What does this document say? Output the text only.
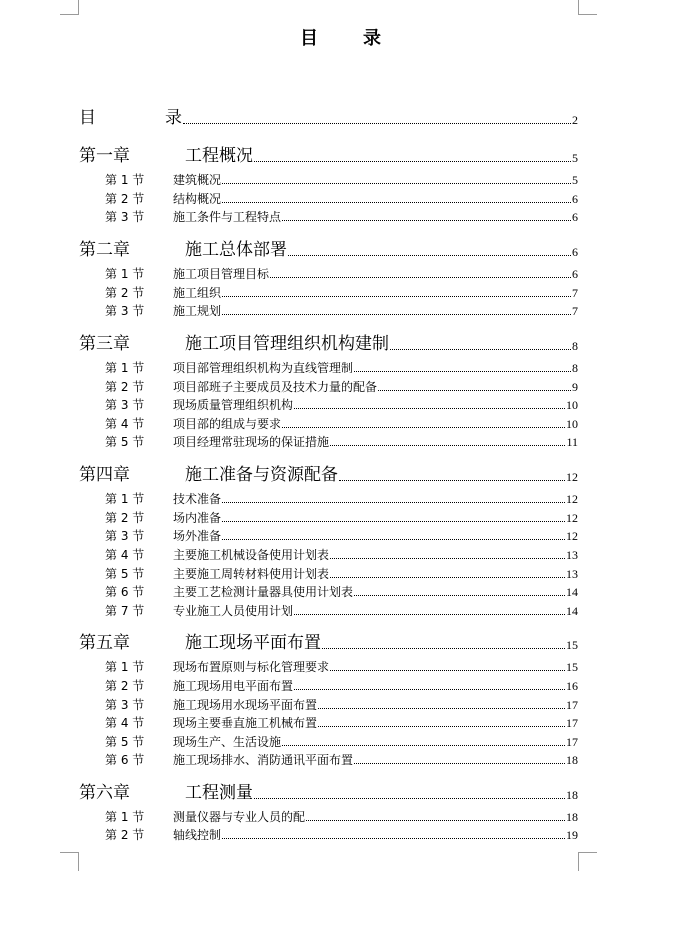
目 录
目	录	2
第一章	工程概况	5
第 1 节	建筑概况	5
第 2 节	结构概况	6
第 3 节	施工条件与工程特点	6
第二章	施工总体部署	6
第 1 节	施工项目管理目标	6
第 2 节	施工组织	7
第 3 节	施工规划	7
第三章	施工项目管理组织机构建制	8
第 1 节	项目部管理组织机构为直线管理制	8
第 2 节	项目部班子主要成员及技术力量的配备	9
第 3 节	现场质量管理组织机构	10
第 4 节	项目部的组成与要求	10
第 5 节	项目经理常驻现场的保证措施	11
第四章	施工准备与资源配备	12
第 1 节	技术准备	12
第 2 节	场内准备	12
第 3 节	场外准备	12
第 4 节	主要施工机械设备使用计划表	13
第 5 节	主要施工周转材料使用计划表	13
第 6 节	主要工艺检测计量器具使用计划表	14
第 7 节	专业施工人员使用计划	14
第五章	施工现场平面布置	15
第 1 节	现场布置原则与标化管理要求	15
第 2 节	施工现场用电平面布置	16
第 3 节	施工现场用水现场平面布置	17
第 4 节	现场主要垂直施工机械布置	17
第 5 节	现场生产、生活设施	17
第 6 节	施工现场排水、消防通讯平面布置	18
第六章	工程测量	18
第 1 节	测量仪器与专业人员的配	18
第 2 节	轴线控制	19
